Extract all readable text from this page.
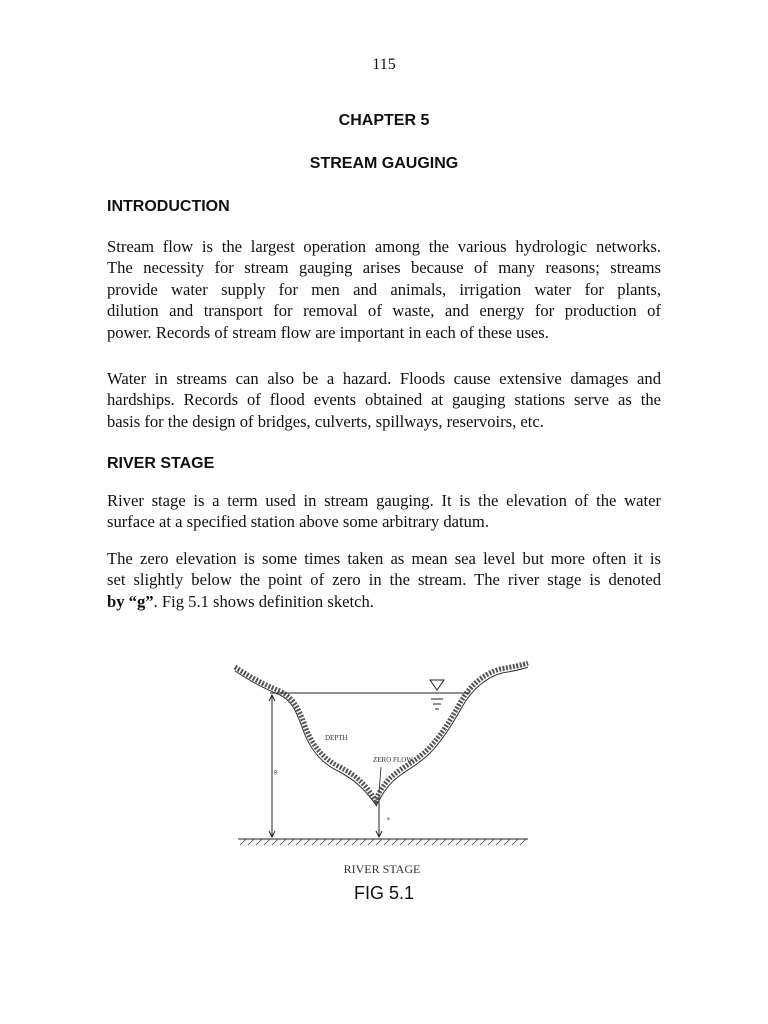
115
CHAPTER 5
STREAM GAUGING
INTRODUCTION

Stream flow is the largest operation among the various hydrologic networks.
The necessity for stream gauging arises because of many reasons; streams
provide water supply for men and animals, irrigation water for plants,
dilution and transport for removal of waste, and energy for production of
power. Records of stream flow are important in each of these uses.

Water in streams can also be a hazard. Floods cause extensive damages and
hardships. Records of flood events obtained at gauging stations serve as the
basis for the design of bridges, culverts, spillways, reservoirs, etc.

RIVER STAGE

River stage is a term used in stream gauging. It is the elevation of the water
surface at a specified station above some arbitrary datum.

The zero elevation is some times taken as mean sea level but more often it is
set slightly below the point of zero in the stream. The river stage is denoted
by “g”. Fig 5.1 shows definition sketch.

DEPTH
ZERO FLOW
g
a
RIVER STAGE
FIG 5.1
